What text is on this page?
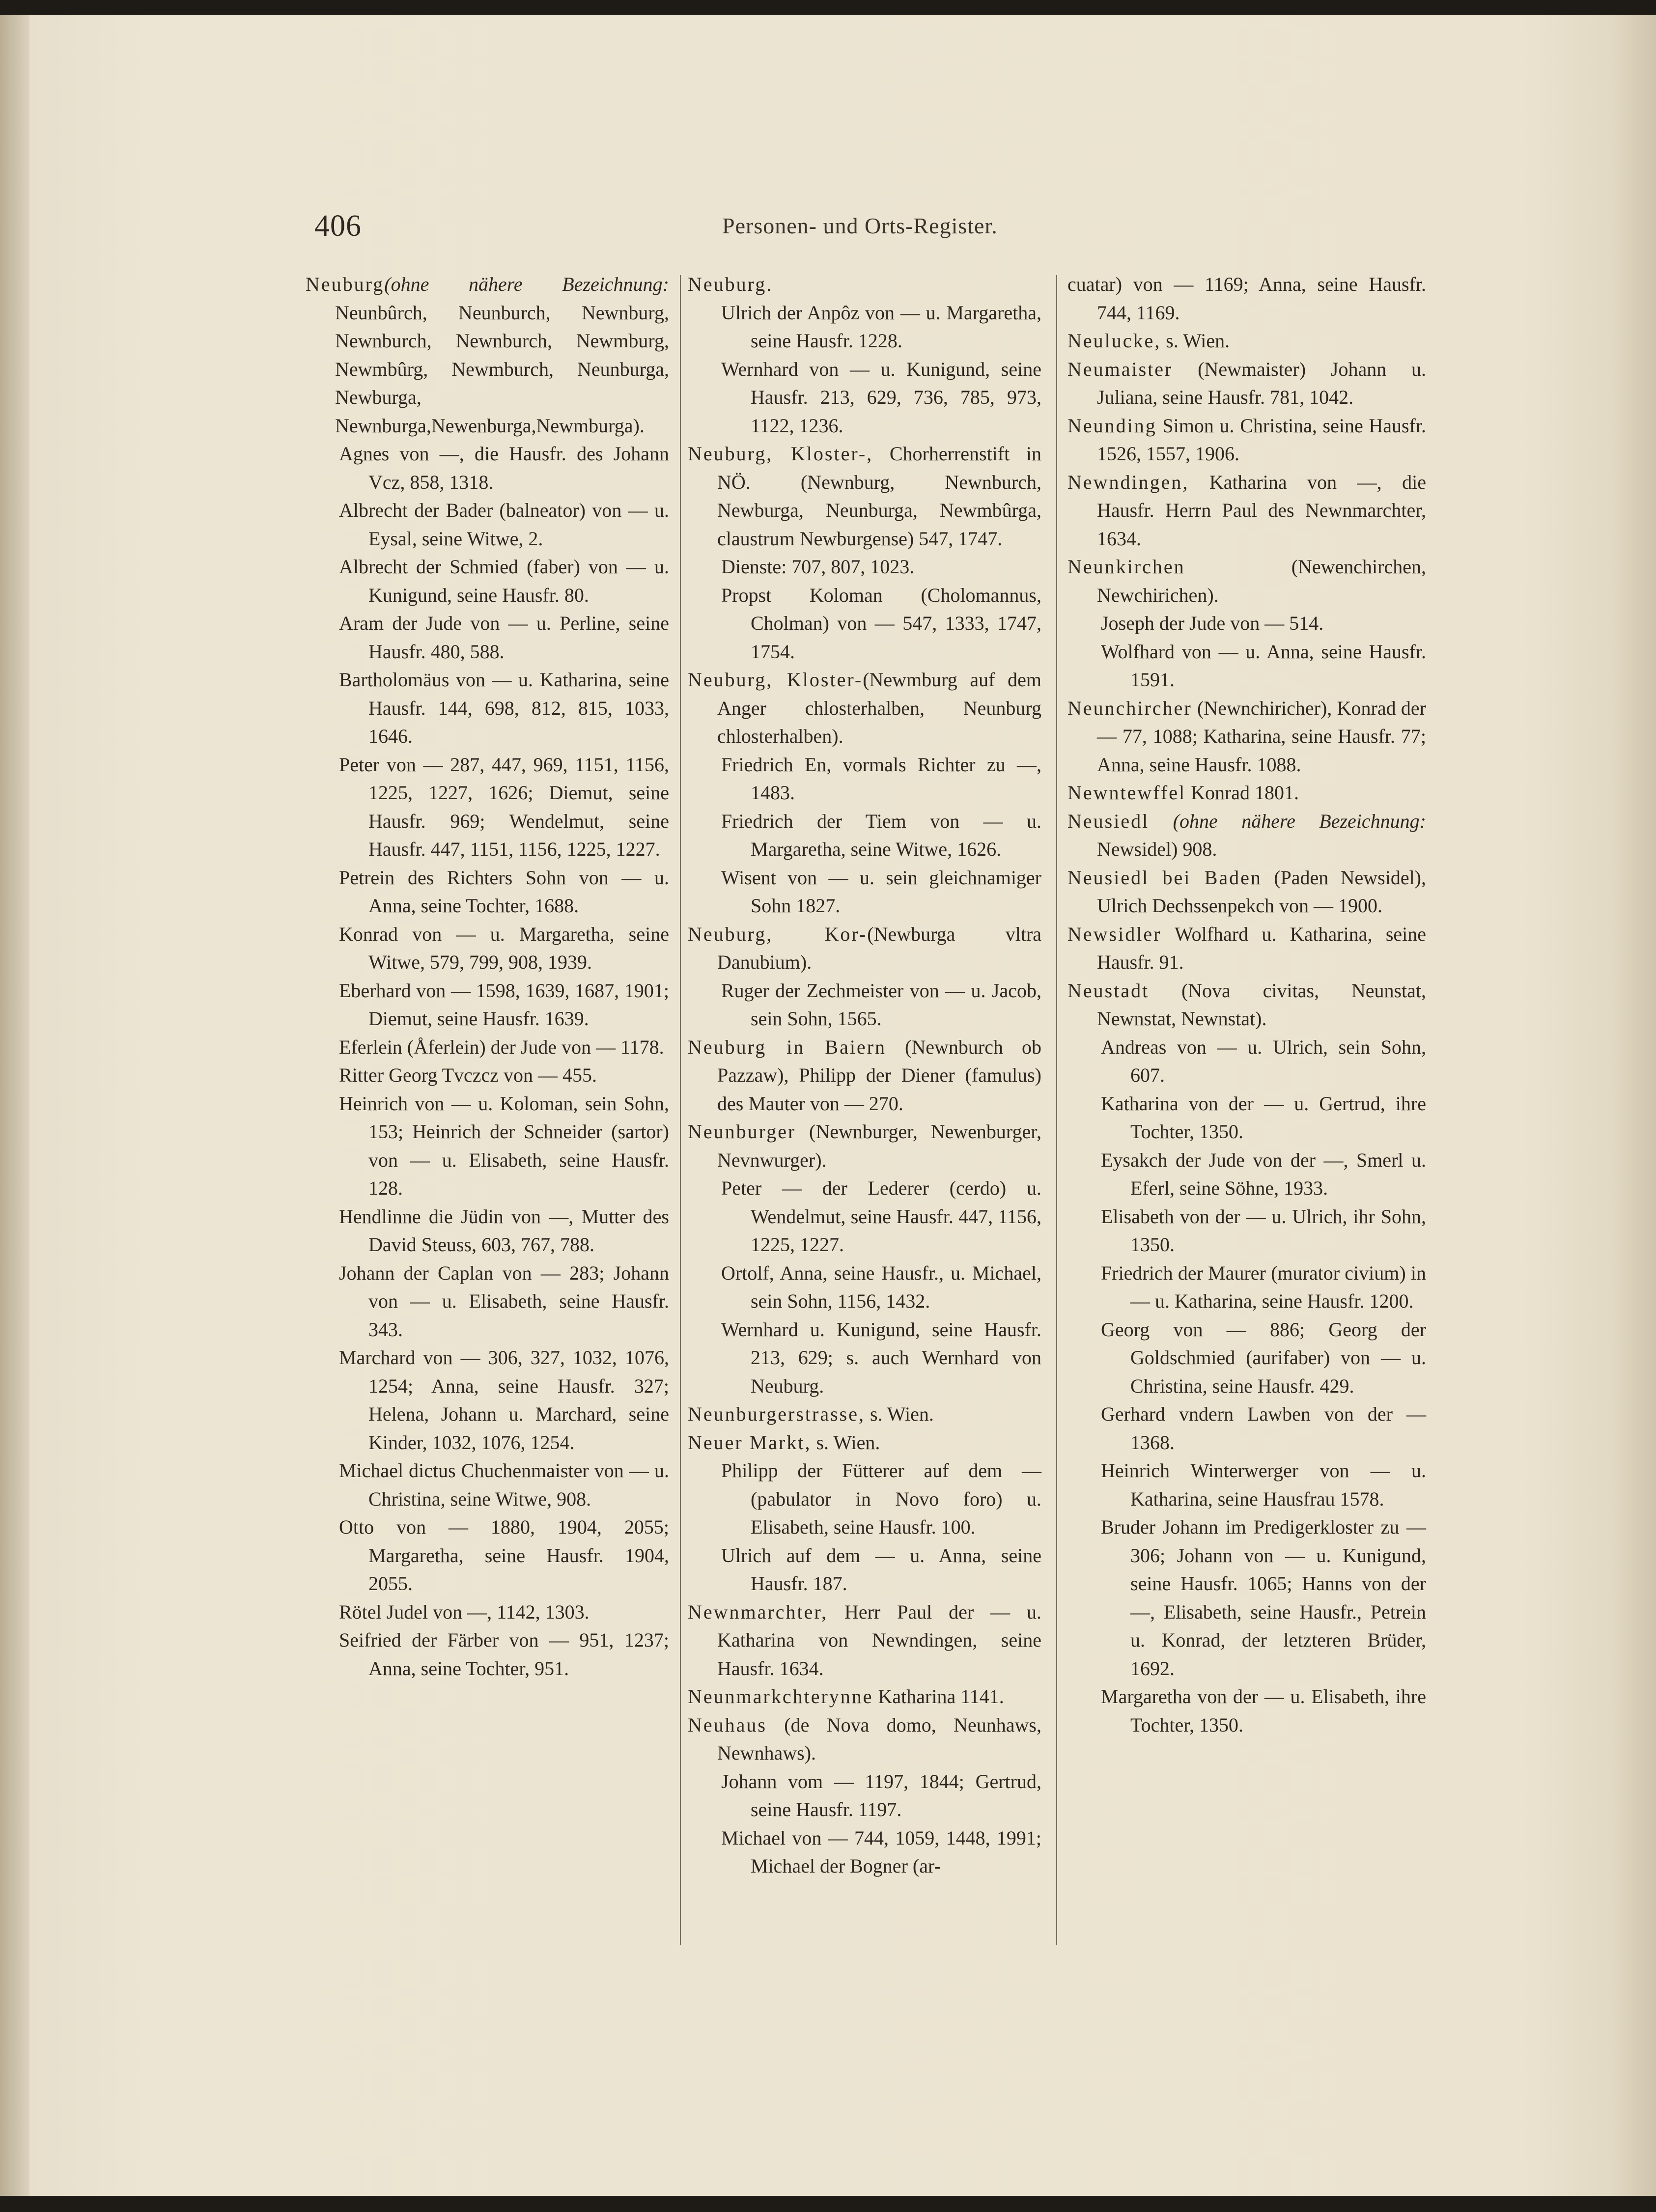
406	Personen- und Orts-Register.

Neuburg(ohne nähere Bezeichnung: Neunbûrch, Neunburch, Newnburg, Newnburch, Newnburch, Newmburg, Newmbûrg, Newmburch, Neunburga, Newburga, Newnburga,Newenburga,Newmburga).

Agnes von —, die Hausfr. des Johann Vcz, 858, 1318.

Albrecht der Bader (balneator) von — u. Eysal, seine Witwe, 2.

Albrecht der Schmied (faber) von — u. Kunigund, seine Hausfr. 80.

Aram der Jude von — u. Perline, seine Hausfr. 480, 588.

Bartholomäus von — u. Katharina, seine Hausfr. 144, 698, 812, 815, 1033, 1646.

Peter von — 287, 447, 969, 1151, 1156, 1225, 1227, 1626; Diemut, seine Hausfr. 969; Wendelmut, seine Hausfr. 447, 1151, 1156, 1225, 1227.

Petrein des Richters Sohn von — u. Anna, seine Tochter, 1688.

Konrad von — u. Margaretha, seine Witwe, 579, 799, 908, 1939.

Eberhard von — 1598, 1639, 1687, 1901; Diemut, seine Hausfr. 1639.

Eferlein (Åferlein) der Jude von — 1178.

Ritter Georg Tvczcz von — 455.

Heinrich von — u. Koloman, sein Sohn, 153; Heinrich der Schneider (sartor) von — u. Elisabeth, seine Hausfr. 128.

Hendlinne die Jüdin von —, Mutter des David Steuss, 603, 767, 788.

Johann der Caplan von — 283; Johann von — u. Elisabeth, seine Hausfr. 343.

Marchard von — 306, 327, 1032, 1076, 1254; Anna, seine Hausfr. 327; Helena, Johann u. Marchard, seine Kinder, 1032, 1076, 1254.

Michael dictus Chuchenmaister von — u. Christina, seine Witwe, 908.

Otto von — 1880, 1904, 2055; Margaretha, seine Hausfr. 1904, 2055.

Rötel Judel von —, 1142, 1303.

Seifried der Färber von — 951, 1237; Anna, seine Tochter, 951.

Neuburg.

Ulrich der Anpôz von — u. Margaretha, seine Hausfr. 1228.

Wernhard von — u. Kunigund, seine Hausfr. 213, 629, 736, 785, 973, 1122, 1236.

Neuburg, Kloster-, Chorherrenstift in NÖ. (Newnburg, Newnburch, Newburga, Neunburga, Newmbûrga, claustrum Newburgense) 547, 1747.

Dienste: 707, 807, 1023.

Propst Koloman (Cholomannus, Cholman) von — 547, 1333, 1747, 1754.

Neuburg, Kloster-(Newmburg auf dem Anger chlosterhalben, Neunburg chlosterhalben).

Friedrich En, vormals Richter zu —, 1483.

Friedrich der Tiem von — u. Margaretha, seine Witwe, 1626.

Wisent von — u. sein gleichnamiger Sohn 1827.

Neuburg, Kor-(Newburga vltra Danubium).

Ruger der Zechmeister von — u. Jacob, sein Sohn, 1565.

Neuburg in Baiern (Newnburch ob Pazzaw), Philipp der Diener (famulus) des Mauter von — 270.

Neunburger (Newnburger, Newenburger, Nevnwurger).

Peter — der Lederer (cerdo) u. Wendelmut, seine Hausfr. 447, 1156, 1225, 1227.

Ortolf, Anna, seine Hausfr., u. Michael, sein Sohn, 1156, 1432.

Wernhard u. Kunigund, seine Hausfr. 213, 629; s. auch Wernhard von Neuburg.

Neunburgerstrasse, s. Wien.

Neuer Markt, s. Wien.

Philipp der Fütterer auf dem — (pabulator in Novo foro) u. Elisabeth, seine Hausfr. 100.

Ulrich auf dem — u. Anna, seine Hausfr. 187.

Newnmarchter, Herr Paul der — u. Katharina von Newndingen, seine Hausfr. 1634.

Neunmarkchterynne Katharina 1141.

Neuhaus (de Nova domo, Neunhaws, Newnhaws).

Johann vom — 1197, 1844; Gertrud, seine Hausfr. 1197.

Michael von — 744, 1059, 1448, 1991; Michael der Bogner (ar-

cuatar) von — 1169; Anna, seine Hausfr. 744, 1169.

Neulucke, s. Wien.

Neumaister (Newmaister) Johann u. Juliana, seine Hausfr. 781, 1042.

Neunding Simon u. Christina, seine Hausfr. 1526, 1557, 1906.

Newndingen, Katharina von —, die Hausfr. Herrn Paul des Newnmarchter, 1634.

Neunkirchen (Newenchirchen, Newchirichen).

Joseph der Jude von — 514.

Wolfhard von — u. Anna, seine Hausfr. 1591.

Neunchircher (Newnchiricher), Konrad der — 77, 1088; Katharina, seine Hausfr. 77; Anna, seine Hausfr. 1088.

Newntewffel Konrad 1801.

Neusiedl (ohne nähere Bezeichnung: Newsidel) 908.

Neusiedl bei Baden (Paden Newsidel), Ulrich Dechssenpekch von — 1900.

Newsidler Wolfhard u. Katharina, seine Hausfr. 91.

Neustadt (Nova civitas, Neunstat, Newnstat, Newnstat).

Andreas von — u. Ulrich, sein Sohn, 607.

Katharina von der — u. Gertrud, ihre Tochter, 1350.

Eysakch der Jude von der —, Smerl u. Eferl, seine Söhne, 1933.

Elisabeth von der — u. Ulrich, ihr Sohn, 1350.

Friedrich der Maurer (murator civium) in — u. Katharina, seine Hausfr. 1200.

Georg von — 886; Georg der Goldschmied (aurifaber) von — u. Christina, seine Hausfr. 429.

Gerhard vndern Lawben von der — 1368.

Heinrich Winterwerger von — u. Katharina, seine Hausfrau 1578.

Bruder Johann im Predigerkloster zu — 306; Johann von — u. Kunigund, seine Hausfr. 1065; Hanns von der —, Elisabeth, seine Hausfr., Petrein u. Konrad, der letzteren Brüder, 1692.

Margaretha von der — u. Elisabeth, ihre Tochter, 1350.
